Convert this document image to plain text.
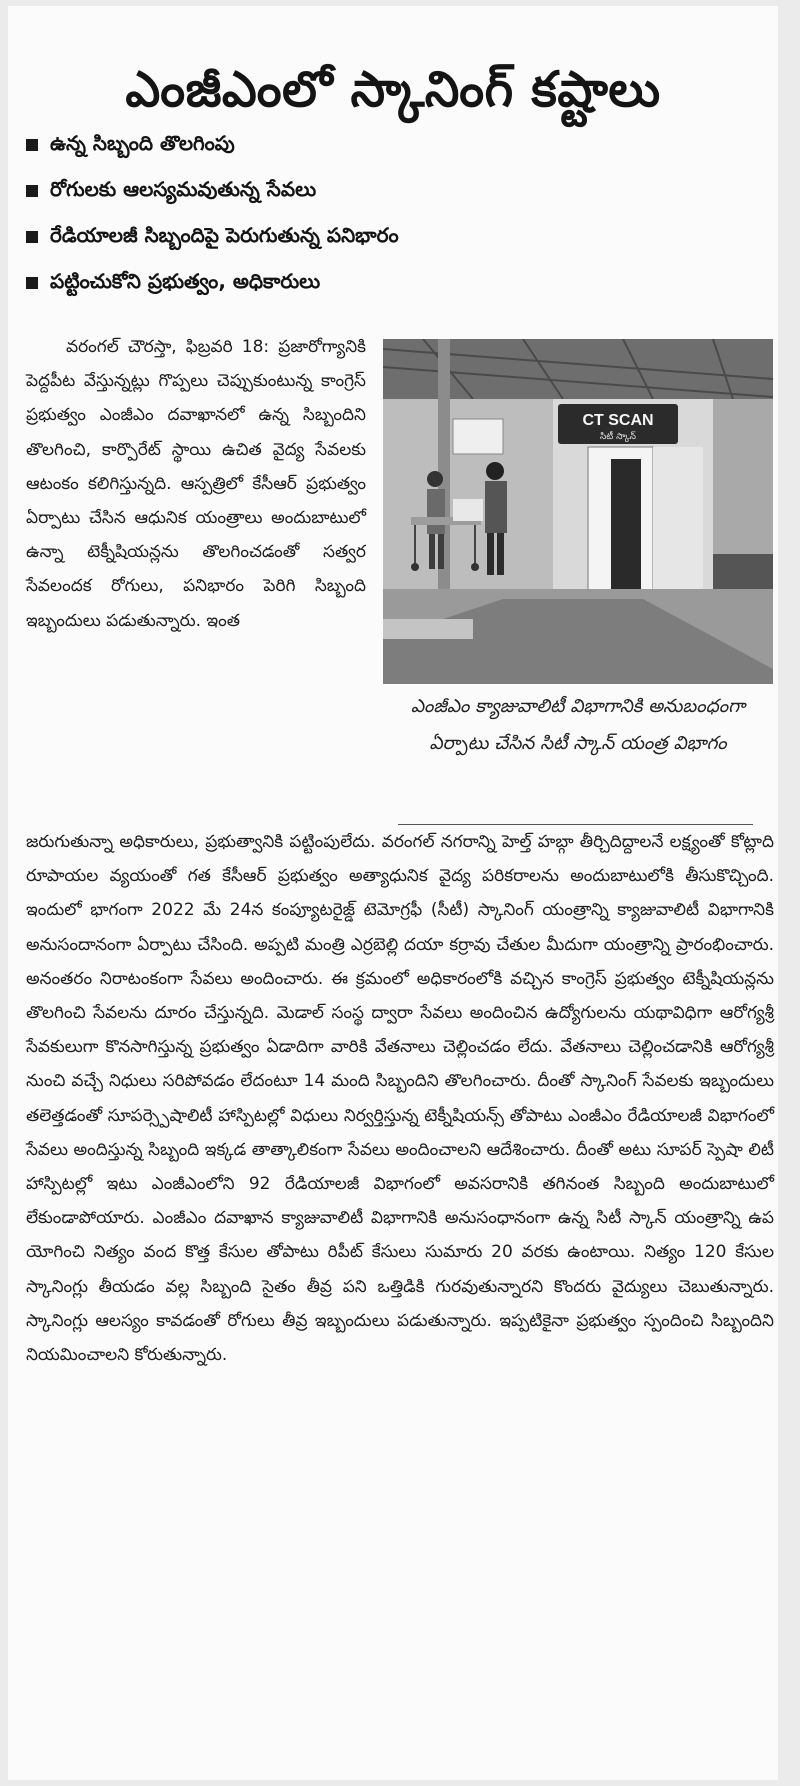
ఎంజీఎంలో స్కానింగ్ కష్టాలు
ఉన్న సిబ్బంది తొలగింపు
రోగులకు ఆలస్యమవుతున్న సేవలు
రేడియాలజీ సిబ్బందిపై పెరుగుతున్న పనిభారం
పట్టించుకోని ప్రభుత్వం, అధికారులు

వరంగల్ చౌరస్తా, ఫిబ్రవరి 18: ప్రజారోగ్యానికి పెద్దపీట వేస్తున్నట్లు గొప్పలు చెప్పుకుంటున్న కాంగ్రెస్ ప్రభుత్వం ఎంజీఎం దవాఖానలో ఉన్న సిబ్బందిని తొలగించి, కార్పొరేట్ స్థాయి ఉచిత వైద్య సేవలకు ఆటంకం కలిగిస్తున్నది. ఆస్పత్రిలో కేసీఆర్ ప్రభుత్వం ఏర్పాటు చేసిన ఆధునిక యంత్రాలు అందుబాటులో ఉన్నా టెక్నీషియన్లను తొలగించడంతో సత్వర సేవలందక రోగులు, పనిభారం పెరిగి సిబ్బంది ఇబ్బందులు పడుతున్నారు. ఇంత

CT SCAN
సిటీ స్కాన్
ఎంజీఎం క్యాజువాలిటీ విభాగానికి అనుబంధంగా ఏర్పాటు చేసిన సిటీ స్కాన్ యంత్ర విభాగం

జరుగుతున్నా అధికారులు, ప్రభుత్వానికి పట్టింపులేదు. వరంగల్ నగరాన్ని హెల్త్ హబ్గా తీర్చిదిద్దాలనే లక్ష్యంతో కోట్లాది రూపాయల వ్యయంతో గత కేసీఆర్ ప్రభుత్వం అత్యాధునిక వైద్య పరికరాలను అందుబాటులోకి తీసుకొచ్చింది. ఇందులో భాగంగా 2022 మే 24న కంప్యూటరైజ్డ్ టెమోగ్రఫీ (సీటీ) స్కానింగ్ యంత్రాన్ని క్యాజువాలిటీ విభాగానికి అనుసందానంగా ఏర్పాటు చేసింది. అప్పటి మంత్రి ఎర్రబెల్లి దయా కర్రావు చేతుల మీదుగా యంత్రాన్ని ప్రారంభించారు. అనంతరం నిరాటంకంగా సేవలు అందించారు. ఈ క్రమంలో అధికారంలోకి వచ్చిన కాంగ్రెస్ ప్రభుత్వం టెక్నీషియన్లను తొలగించి సేవలను దూరం చేస్తున్నది. మెడాల్ సంస్థ ద్వారా సేవలు అందించిన ఉద్యోగులను యథావిధిగా ఆరోగ్యశ్రీ సేవకులుగా కొనసాగిస్తున్న ప్రభుత్వం ఏడాదిగా వారికి వేతనాలు చెల్లించడం లేదు. వేతనాలు చెల్లించడానికి ఆరోగ్యశ్రీ నుంచి వచ్చే నిధులు సరిపోవడం లేదంటూ 14 మంది సిబ్బందిని తొలగించారు. దీంతో స్కానింగ్ సేవలకు ఇబ్బందులు తలెత్తడంతో సూపర్స్పెషాలిటీ హాస్పిటల్లో విధులు నిర్వర్తిస్తున్న టెక్నీషియన్స్ తోపాటు ఎంజీఎం రేడియాలజీ విభాగంలో సేవలు అందిస్తున్న సిబ్బంది ఇక్కడ తాత్కాలికంగా సేవలు అందించాలని ఆదేశించారు. దీంతో అటు సూపర్ స్పెషా లిటీ హాస్పిటల్లో ఇటు ఎంజీఎంలోని 92 రేడియాలజీ విభాగంలో అవసరానికి తగినంత సిబ్బంది అందుబాటులో లేకుండాపోయారు. ఎంజీఎం దవాఖాన క్యాజువాలిటీ విభాగానికి అనుసంధానంగా ఉన్న సిటీ స్కాన్ యంత్రాన్ని ఉప యోగించి నిత్యం వంద కొత్త కేసుల తోపాటు రిపీట్ కేసులు సుమారు 20 వరకు ఉంటాయి. నిత్యం 120 కేసుల స్కానింగ్లు తీయడం వల్ల సిబ్బంది సైతం తీవ్ర పని ఒత్తిడికి గురవుతున్నారని కొందరు వైద్యులు చెబుతున్నారు. స్కానింగ్లు ఆలస్యం కావడంతో రోగులు తీవ్ర ఇబ్బందులు పడుతున్నారు. ఇప్పటికైనా ప్రభుత్వం స్పందించి సిబ్బందిని నియమించాలని కోరుతున్నారు.
